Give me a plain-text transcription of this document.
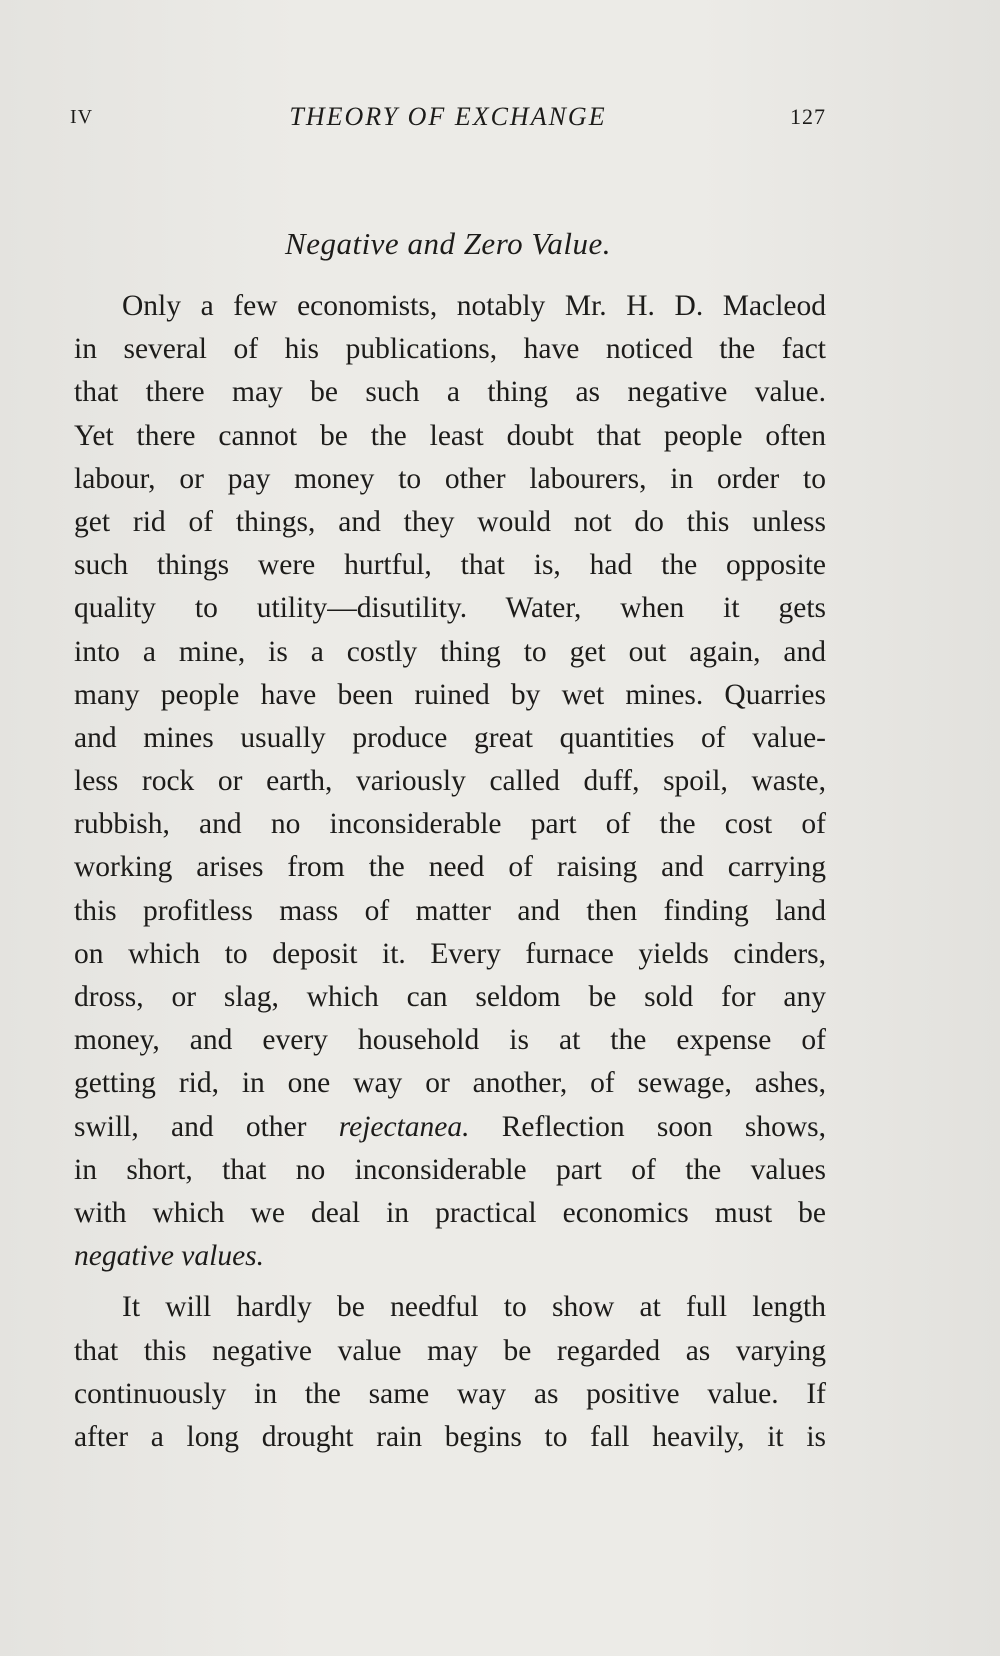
IV	THEORY OF EXCHANGE	127
Negative and Zero Value.
Only a few economists, notably Mr. H. D. Macleod
in several of his publications, have noticed the fact
that there may be such a thing as negative value.
Yet there cannot be the least doubt that people often
labour, or pay money to other labourers, in order to
get rid of things, and they would not do this unless
such things were hurtful, that is, had the opposite
quality to utility—disutility. Water, when it gets
into a mine, is a costly thing to get out again, and
many people have been ruined by wet mines. Quarries
and mines usually produce great quantities of value-
less rock or earth, variously called duff, spoil, waste,
rubbish, and no inconsiderable part of the cost of
working arises from the need of raising and carrying
this profitless mass of matter and then finding land
on which to deposit it. Every furnace yields cinders,
dross, or slag, which can seldom be sold for any
money, and every household is at the expense of
getting rid, in one way or another, of sewage, ashes,
swill, and other rejectanea. Reflection soon shows,
in short, that no inconsiderable part of the values
with which we deal in practical economics must be
negative values.
It will hardly be needful to show at full length
that this negative value may be regarded as varying
continuously in the same way as positive value. If
after a long drought rain begins to fall heavily, it is
